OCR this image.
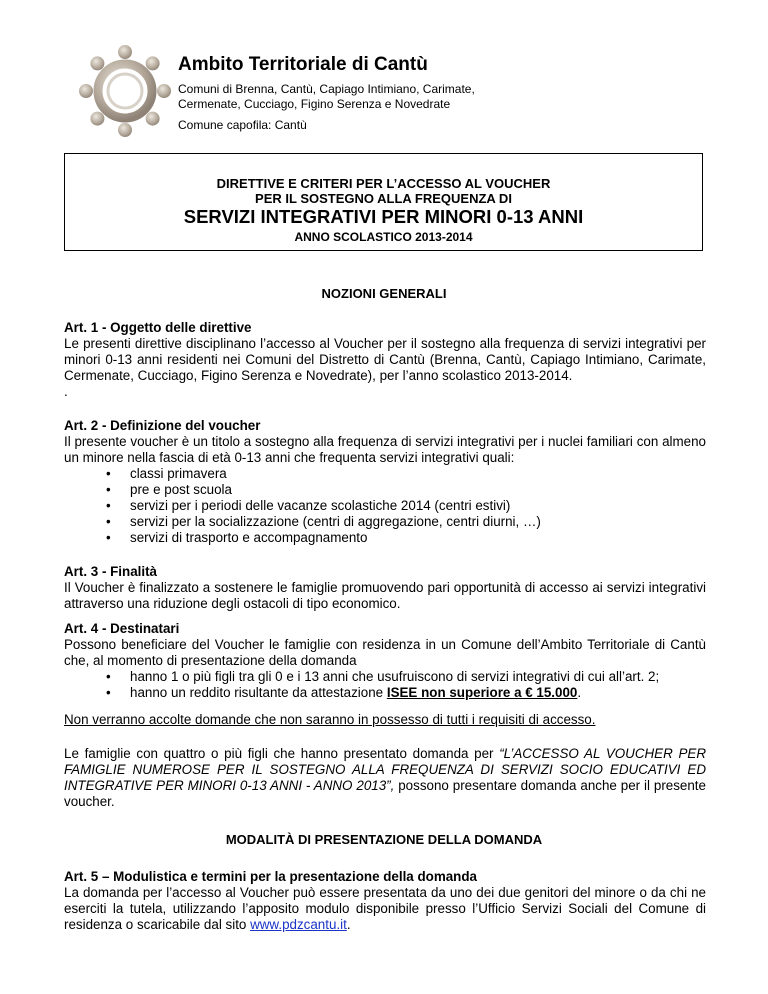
Ambito Territoriale di Cantù
Comuni di Brenna, Cantù, Capiago Intimiano, Carimate, Cermenate, Cucciago, Figino Serenza e Novedrate
Comune capofila: Cantù
DIRETTIVE E CRITERI PER L’ACCESSO AL VOUCHER
PER IL SOSTEGNO ALLA FREQUENZA DI
SERVIZI INTEGRATIVI PER MINORI 0-13 ANNI
ANNO SCOLASTICO 2013-2014
NOZIONI GENERALI
Art. 1 - Oggetto delle direttive
Le presenti direttive disciplinano l’accesso al Voucher per il sostegno alla frequenza di servizi integrativi per minori 0-13 anni residenti nei Comuni del Distretto di Cantù (Brenna, Cantù, Capiago Intimiano, Carimate, Cermenate, Cucciago, Figino Serenza e Novedrate), per l’anno scolastico 2013-2014.
.
Art. 2 - Definizione del voucher
Il presente voucher è un titolo a sostegno alla frequenza di servizi integrativi per i nuclei familiari con almeno un minore nella fascia di età 0-13 anni che frequenta servizi integrativi quali:
• classi primavera
• pre e post scuola
• servizi per i periodi delle vacanze scolastiche 2014 (centri estivi)
• servizi per la socializzazione (centri di aggregazione, centri diurni, …)
• servizi di trasporto e accompagnamento
Art. 3 - Finalità
Il Voucher è finalizzato a sostenere le famiglie promuovendo pari opportunità di accesso ai servizi integrativi attraverso una riduzione degli ostacoli di tipo economico.
Art. 4 - Destinatari
Possono beneficiare del Voucher le famiglie con residenza in un Comune dell’Ambito Territoriale di Cantù che, al momento di presentazione della domanda
• hanno 1 o più figli tra gli 0 e i 13 anni che usufruiscono di servizi integrativi di cui all’art. 2;
• hanno un reddito risultante da attestazione ISEE non superiore a € 15.000.
Non verranno accolte domande che non saranno in possesso di tutti i requisiti di accesso.
Le famiglie con quattro o più figli che hanno presentato domanda per “L’ACCESSO AL VOUCHER PER FAMIGLIE NUMEROSE PER IL SOSTEGNO ALLA FREQUENZA DI SERVIZI SOCIO EDUCATIVI ED INTEGRATIVE PER MINORI 0-13 ANNI - ANNO 2013”, possono presentare domanda anche per il presente voucher.
MODALITÀ DI PRESENTAZIONE DELLA DOMANDA
Art. 5 – Modulistica e termini per la presentazione della domanda
La domanda per l’accesso al Voucher può essere presentata da uno dei due genitori del minore o da chi ne eserciti la tutela, utilizzando l’apposito modulo disponibile presso l’Ufficio Servizi Sociali del Comune di residenza o scaricabile dal sito www.pdzcantu.it.
